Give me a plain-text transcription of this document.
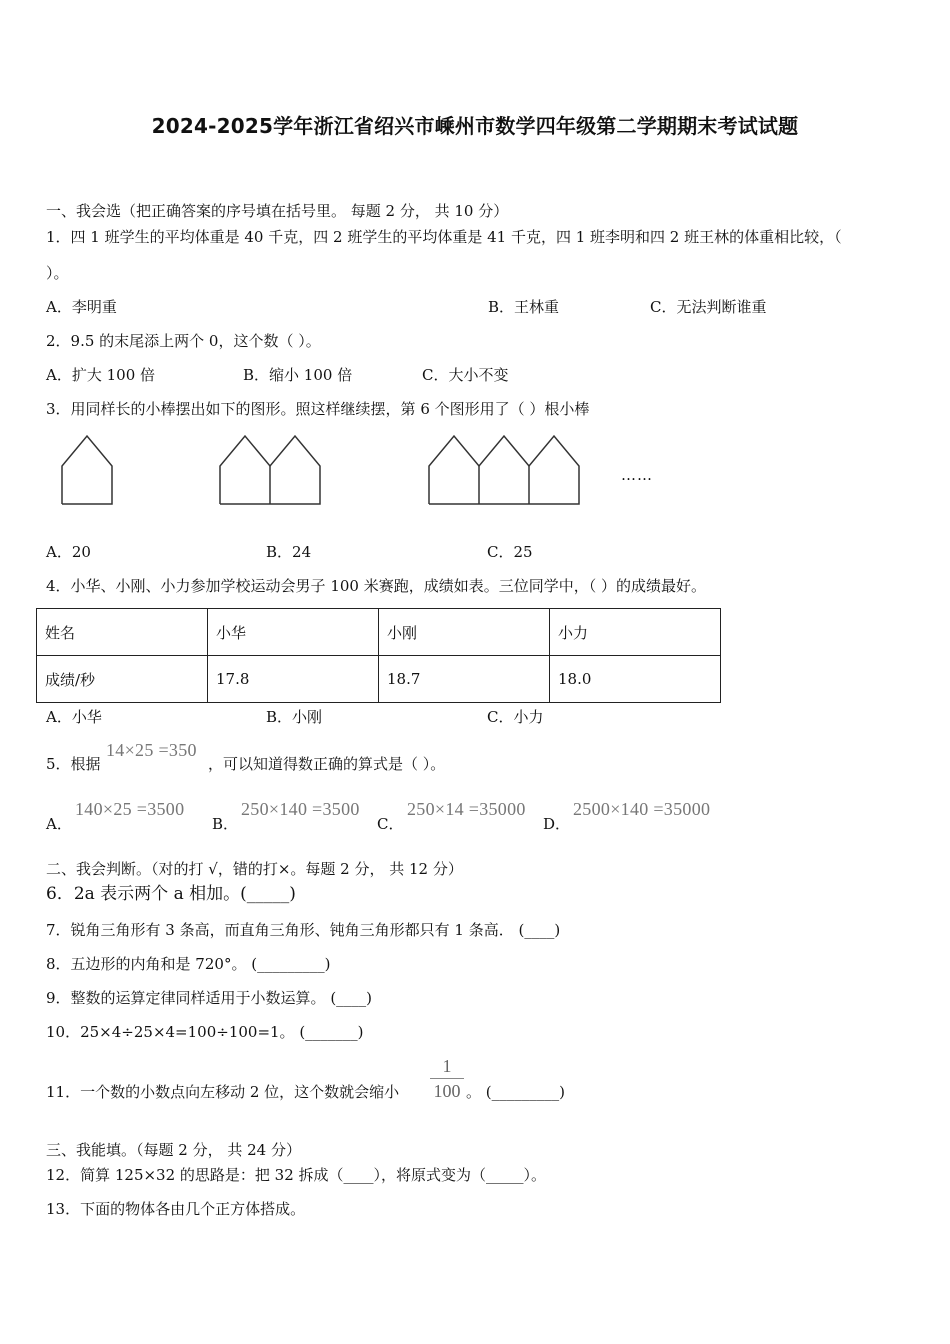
2024-2025学年浙江省绍兴市嵊州市数学四年级第二学期期末考试试题
一、我会选（把正确答案的序号填在括号里。 每题 2 分， 共 10 分）
1．四 1 班学生的平均体重是 40 千克，四 2 班学生的平均体重是 41 千克，四 1 班李明和四 2 班王林的体重相比较，（
）。
A．李明重	B．王林重	C．无法判断谁重
2．9.5 的末尾添上两个 0，这个数（ ）。
A．扩大 100 倍	B．缩小 100 倍	C．大小不变
3．用同样长的小棒摆出如下的图形。照这样继续摆，第 6 个图形用了（ ）根小棒
……
A．20	B．24	C．25
4．小华、小刚、小力参加学校运动会男子 100 米赛跑，成绩如表。三位同学中，（ ）的成绩最好。
姓名	小华	小刚	小力
成绩/秒	17.8	18.7	18.0
A．小华	B．小刚	C．小力
5．根据
14×25 =350
，可以知道得数正确的算式是（ ）。
A．
140×25 =3500
B．
250×140 =3500
C．
250×14 =35000
D．
2500×140 =35000
二、我会判断。（对的打 √，错的打×。每题 2 分， 共 12 分）
6．2a 表示两个 a 相加。(_____)
7．锐角三角形有 3 条高，而直角三角形、钝角三角形都只有 1 条高． (____)
8．五边形的内角和是 720°。 (_________)
9．整数的运算定律同样适用于小数运算。 (____)
10．25×4÷25×4=100÷100=1。 (_______)
11．一个数的小数点向左移动 2 位，这个数就会缩小
1
100 。 (_________)
三、我能填。（每题 2 分， 共 24 分）
12．简算 125×32 的思路是：把 32 拆成（____），将原式变为（_____）。
13．下面的物体各由几个正方体搭成。
